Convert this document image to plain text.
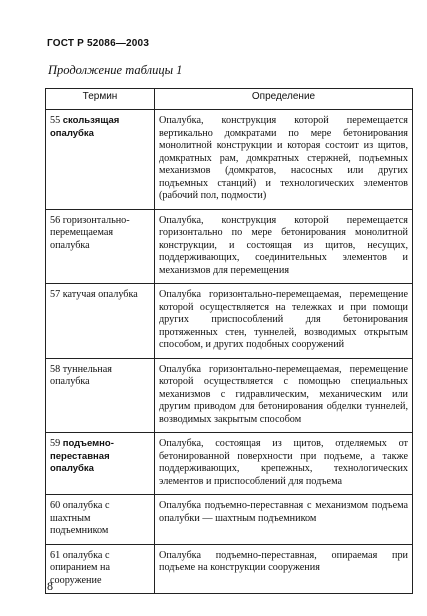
ГОСТ Р 52086—2003
Продолжение таблицы 1
Термин	Определение
55 скользящая опалубка	Опалубка, конструкция которой перемещается вертикально домкратами по мере бетонирования монолитной конструкции и которая состоит из щитов, домкратных рам, домкратных стержней, подъемных механизмов (домкратов, насосных или других подъемных станций) и технологических элементов (рабочий пол, подмости)
56 горизонтально-перемещаемая опалубка	Опалубка, конструкция которой перемещается горизонтально по мере бетонирования монолитной конструкции, и состоящая из щитов, несущих, поддерживающих, соединительных элементов и механизмов для перемещения
57 катучая опалубка	Опалубка горизонтально-перемещаемая, перемещение которой осуществляется на тележках и при помощи других приспособлений для бетонирования протяженных стен, туннелей, возводимых открытым способом, и других подобных сооружений
58 туннельная опалубка	Опалубка горизонтально-перемещаемая, перемещение которой осуществляется с помощью специальных механизмов с гидравлическим, механическим или другим приводом для бетонирования обделки туннелей, возводимых закрытым способом
59 подъемно-переставная опалубка	Опалубка, состоящая из щитов, отделяемых от бетонированной поверхности при подъеме, а также поддерживающих, крепежных, технологических элементов и приспособлений для подъема
60 опалубка с шахтным подъемником	Опалубка подъемно-переставная с механизмом подъема опалубки — шахтным подъемником
61 опалубка с опиранием на сооружение	Опалубка подъемно-переставная, опираемая при подъеме на конструкции сооружения
8
